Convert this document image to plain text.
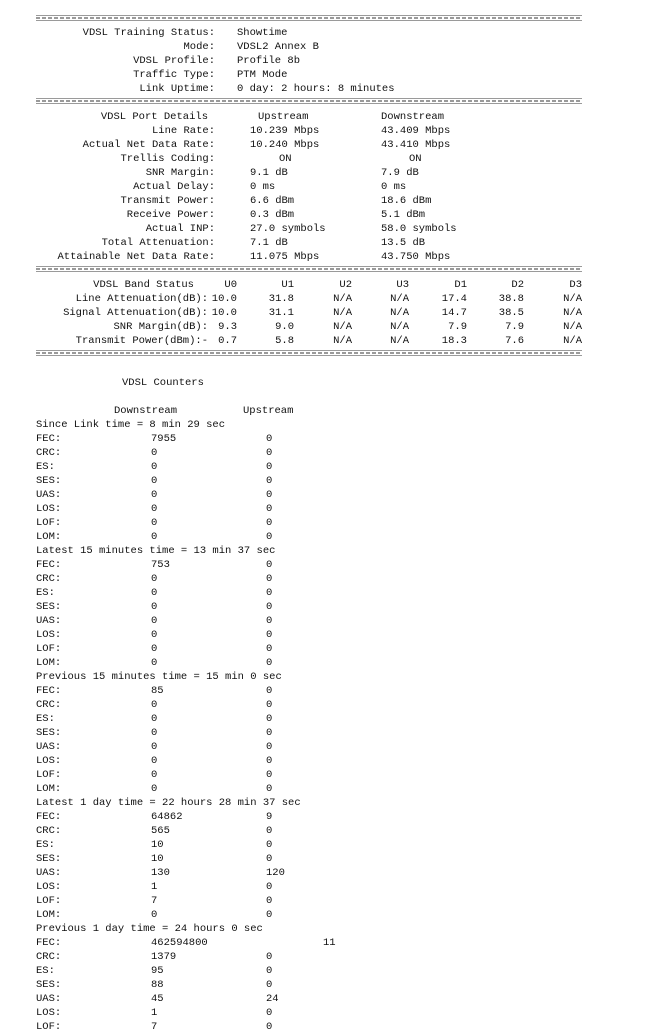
VDSL Training Status: Showtime
Mode: VDSL2 Annex B
VDSL Profile: Profile 8b
Traffic Type: PTM Mode
Link Uptime: 0 day: 2 hours: 8 minutes
VDSL Port Details	Upstream	Downstream
Line Rate:	10.239 Mbps	43.409 Mbps
Actual Net Data Rate:	10.240 Mbps	43.410 Mbps
Trellis Coding:	ON	ON
SNR Margin:	9.1 dB	7.9 dB
Actual Delay:	0 ms	0 ms
Transmit Power:	6.6 dBm	18.6 dBm
Receive Power:	0.3 dBm	5.1 dBm
Actual INP:	27.0 symbols	58.0 symbols
Total Attenuation:	7.1 dB	13.5 dB
Attainable Net Data Rate:	11.075 Mbps	43.750 Mbps
VDSL Band Status	U0	U1	U2	U3	D1	D2	D3
Line Attenuation(dB): 10.0	31.8	N/A	N/A	17.4	38.8	N/A
Signal Attenuation(dB): 10.0	31.1	N/A	N/A	14.7	38.5	N/A
SNR Margin(dB): 9.3	9.0	N/A	N/A	7.9	7.9	N/A
Transmit Power(dBm):- 0.7	5.8	N/A	N/A	18.3	7.6	N/A
VDSL Counters
Downstream	Upstream
Since Link time = 8 min 29 sec
FEC:	7955	0
CRC:	0	0
ES:	0	0
SES:	0	0
UAS:	0	0
LOS:	0	0
LOF:	0	0
LOM:	0	0
Latest 15 minutes time = 13 min 37 sec
FEC:	753	0
CRC:	0	0
ES:	0	0
SES:	0	0
UAS:	0	0
LOS:	0	0
LOF:	0	0
LOM:	0	0
Previous 15 minutes time = 15 min 0 sec
FEC:	85	0
CRC:	0	0
ES:	0	0
SES:	0	0
UAS:	0	0
LOS:	0	0
LOF:	0	0
LOM:	0	0
Latest 1 day time = 22 hours 28 min 37 sec
FEC:	64862	9
CRC:	565	0
ES:	10	0
SES:	10	0
UAS:	130	120
LOS:	1	0
LOF:	7	0
LOM:	0	0
Previous 1 day time = 24 hours 0 sec
FEC:	462594800	11
CRC:	1379	0
ES:	95	0
SES:	88	0
UAS:	45	24
LOS:	1	0
LOF:	7	0
